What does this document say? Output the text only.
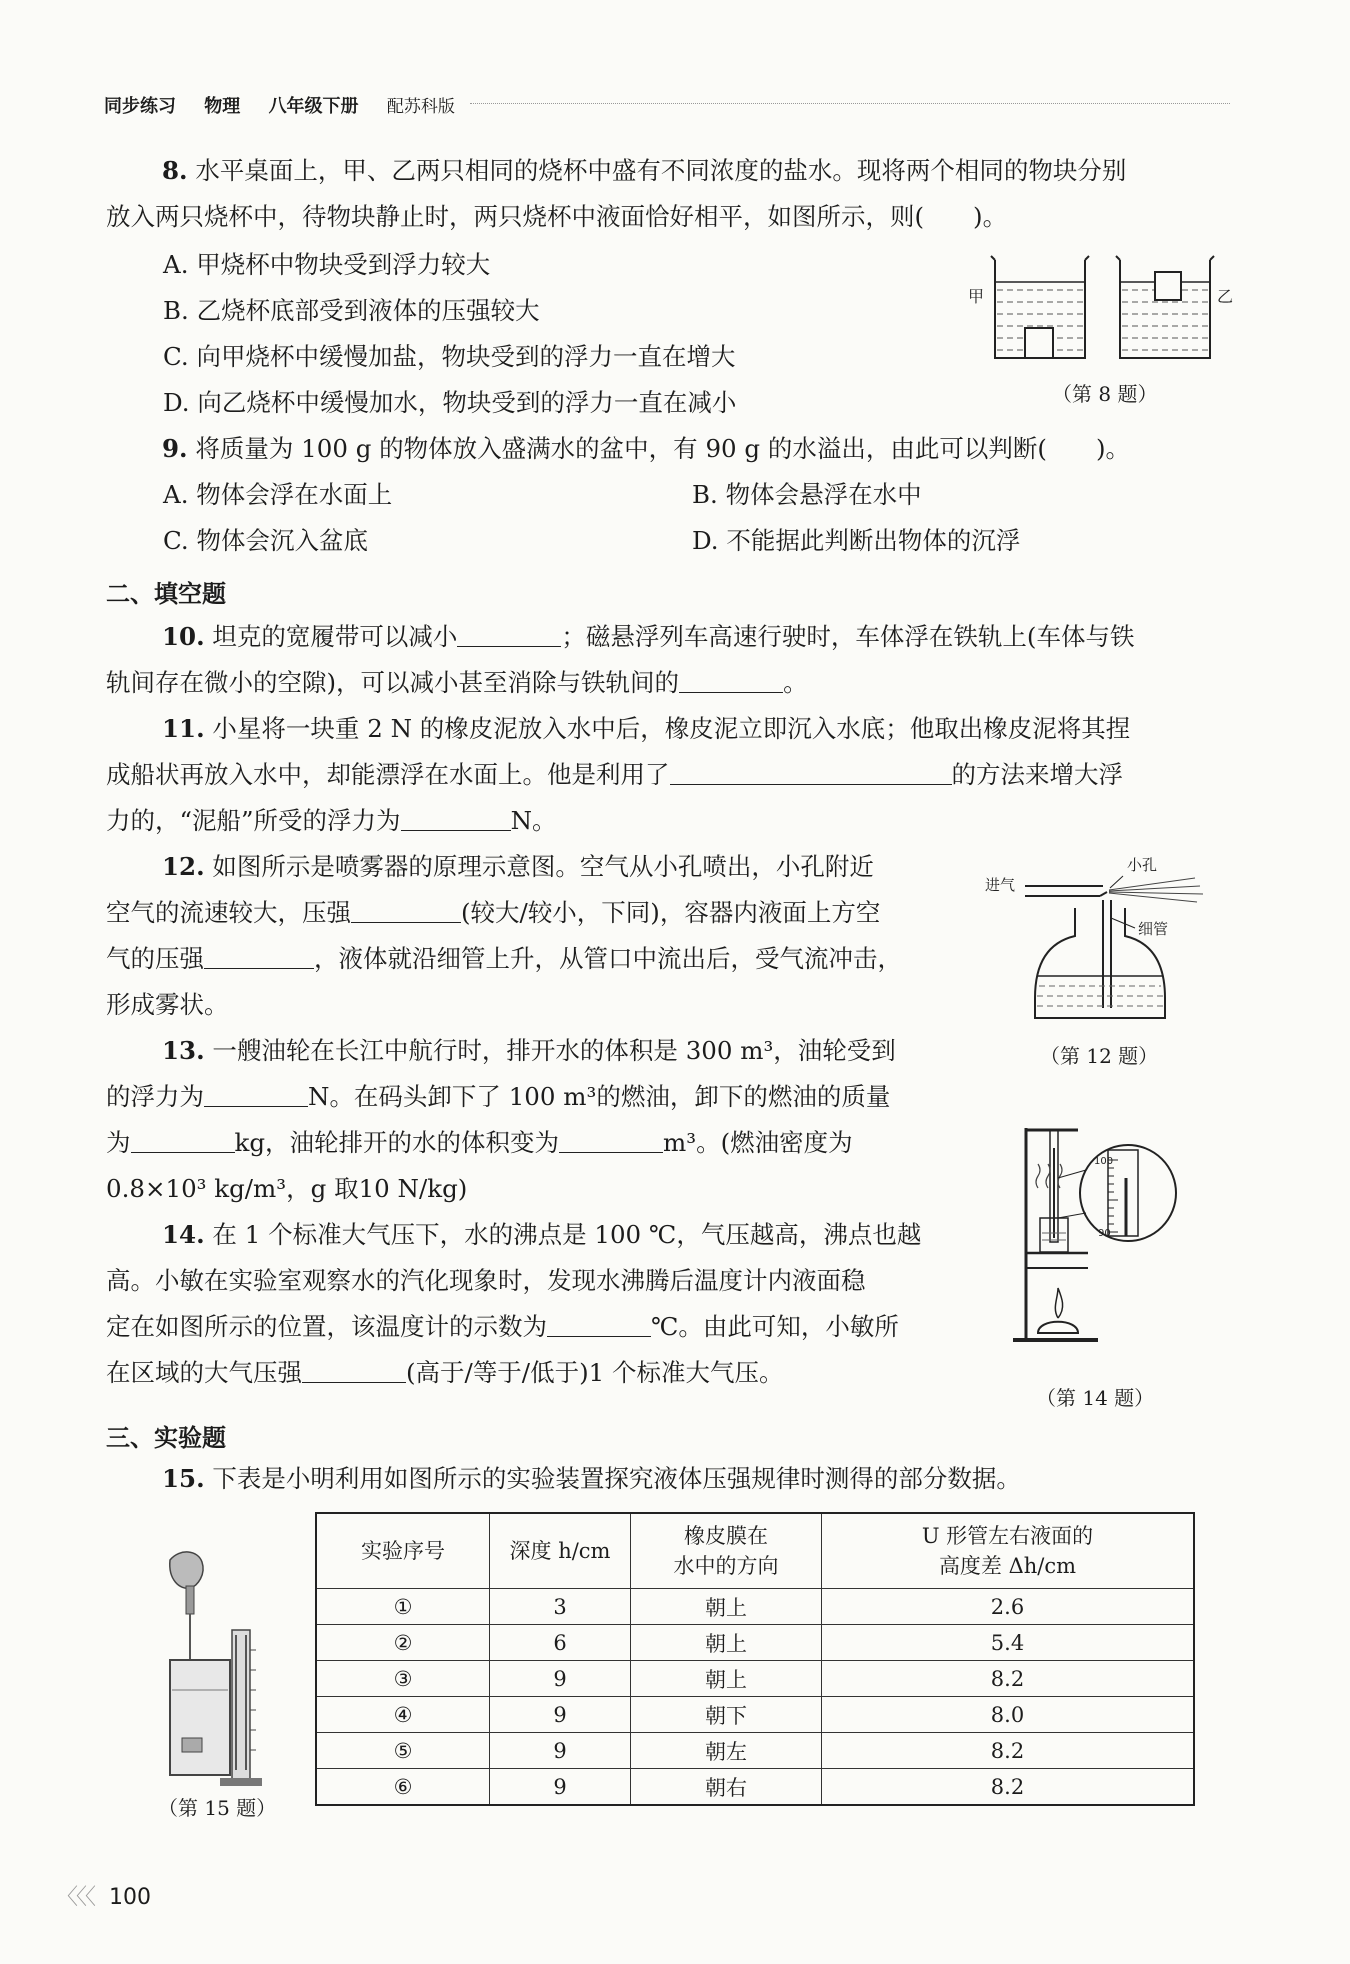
同步练习 物理 八年级下册 配苏科版
8. 水平桌面上，甲、乙两只相同的烧杯中盛有不同浓度的盐水。现将两个相同的物块分别
放入两只烧杯中，待物块静止时，两只烧杯中液面恰好相平，如图所示，则(　　)。
A. 甲烧杯中物块受到浮力较大
B. 乙烧杯底部受到液体的压强较大
C. 向甲烧杯中缓慢加盐，物块受到的浮力一直在增大
D. 向乙烧杯中缓慢加水，物块受到的浮力一直在减小
甲	乙
（第 8 题）
9. 将质量为 100 g 的物体放入盛满水的盆中，有 90 g 的水溢出，由此可以判断(　　)。
A. 物体会浮在水面上	B. 物体会悬浮在水中
C. 物体会沉入盆底	D. 不能据此判断出物体的沉浮
二、填空题
10. 坦克的宽履带可以减小	；磁悬浮列车高速行驶时，车体浮在铁轨上(车体与铁
轨间存在微小的空隙)，可以减小甚至消除与铁轨间的	。
11. 小星将一块重 2 N 的橡皮泥放入水中后，橡皮泥立即沉入水底；他取出橡皮泥将其捏
成船状再放入水中，却能漂浮在水面上。他是利用了	的方法来增大浮
力的，“泥船”所受的浮力为	N。
12. 如图所示是喷雾器的原理示意图。空气从小孔喷出，小孔附近
空气的流速较大，压强	(较大/较小，下同)，容器内液面上方空
气的压强	，液体就沿细管上升，从管口中流出后，受气流冲击，
形成雾状。
进气
小孔
细管
（第 12 题）
13. 一艘油轮在长江中航行时，排开水的体积是 300 m³，油轮受到
的浮力为	N。在码头卸下了 100 m³的燃油，卸下的燃油的质量
为	kg，油轮排开的水的体积变为	m³。(燃油密度为
0.8×10³ kg/m³，g 取10 N/kg)
14. 在 1 个标准大气压下，水的沸点是 100 ℃，气压越高，沸点也越
高。小敏在实验室观察水的汽化现象时，发现水沸腾后温度计内液面稳
定在如图所示的位置，该温度计的示数为	℃。由此可知，小敏所
在区域的大气压强	(高于/等于/低于)1 个标准大气压。
100
90
（第 14 题）
三、实验题
15. 下表是小明利用如图所示的实验装置探究液体压强规律时测得的部分数据。
（第 15 题）
实验序号	深度 h/cm	橡皮膜在
水中的方向	U 形管左右液面的
高度差 Δh/cm
①	3	朝上	2.6
②	6	朝上	5.4
③	9	朝上	8.2
④	9	朝下	8.0
⑤	9	朝左	8.2
⑥	9	朝右	8.2
〈〈〈 100
